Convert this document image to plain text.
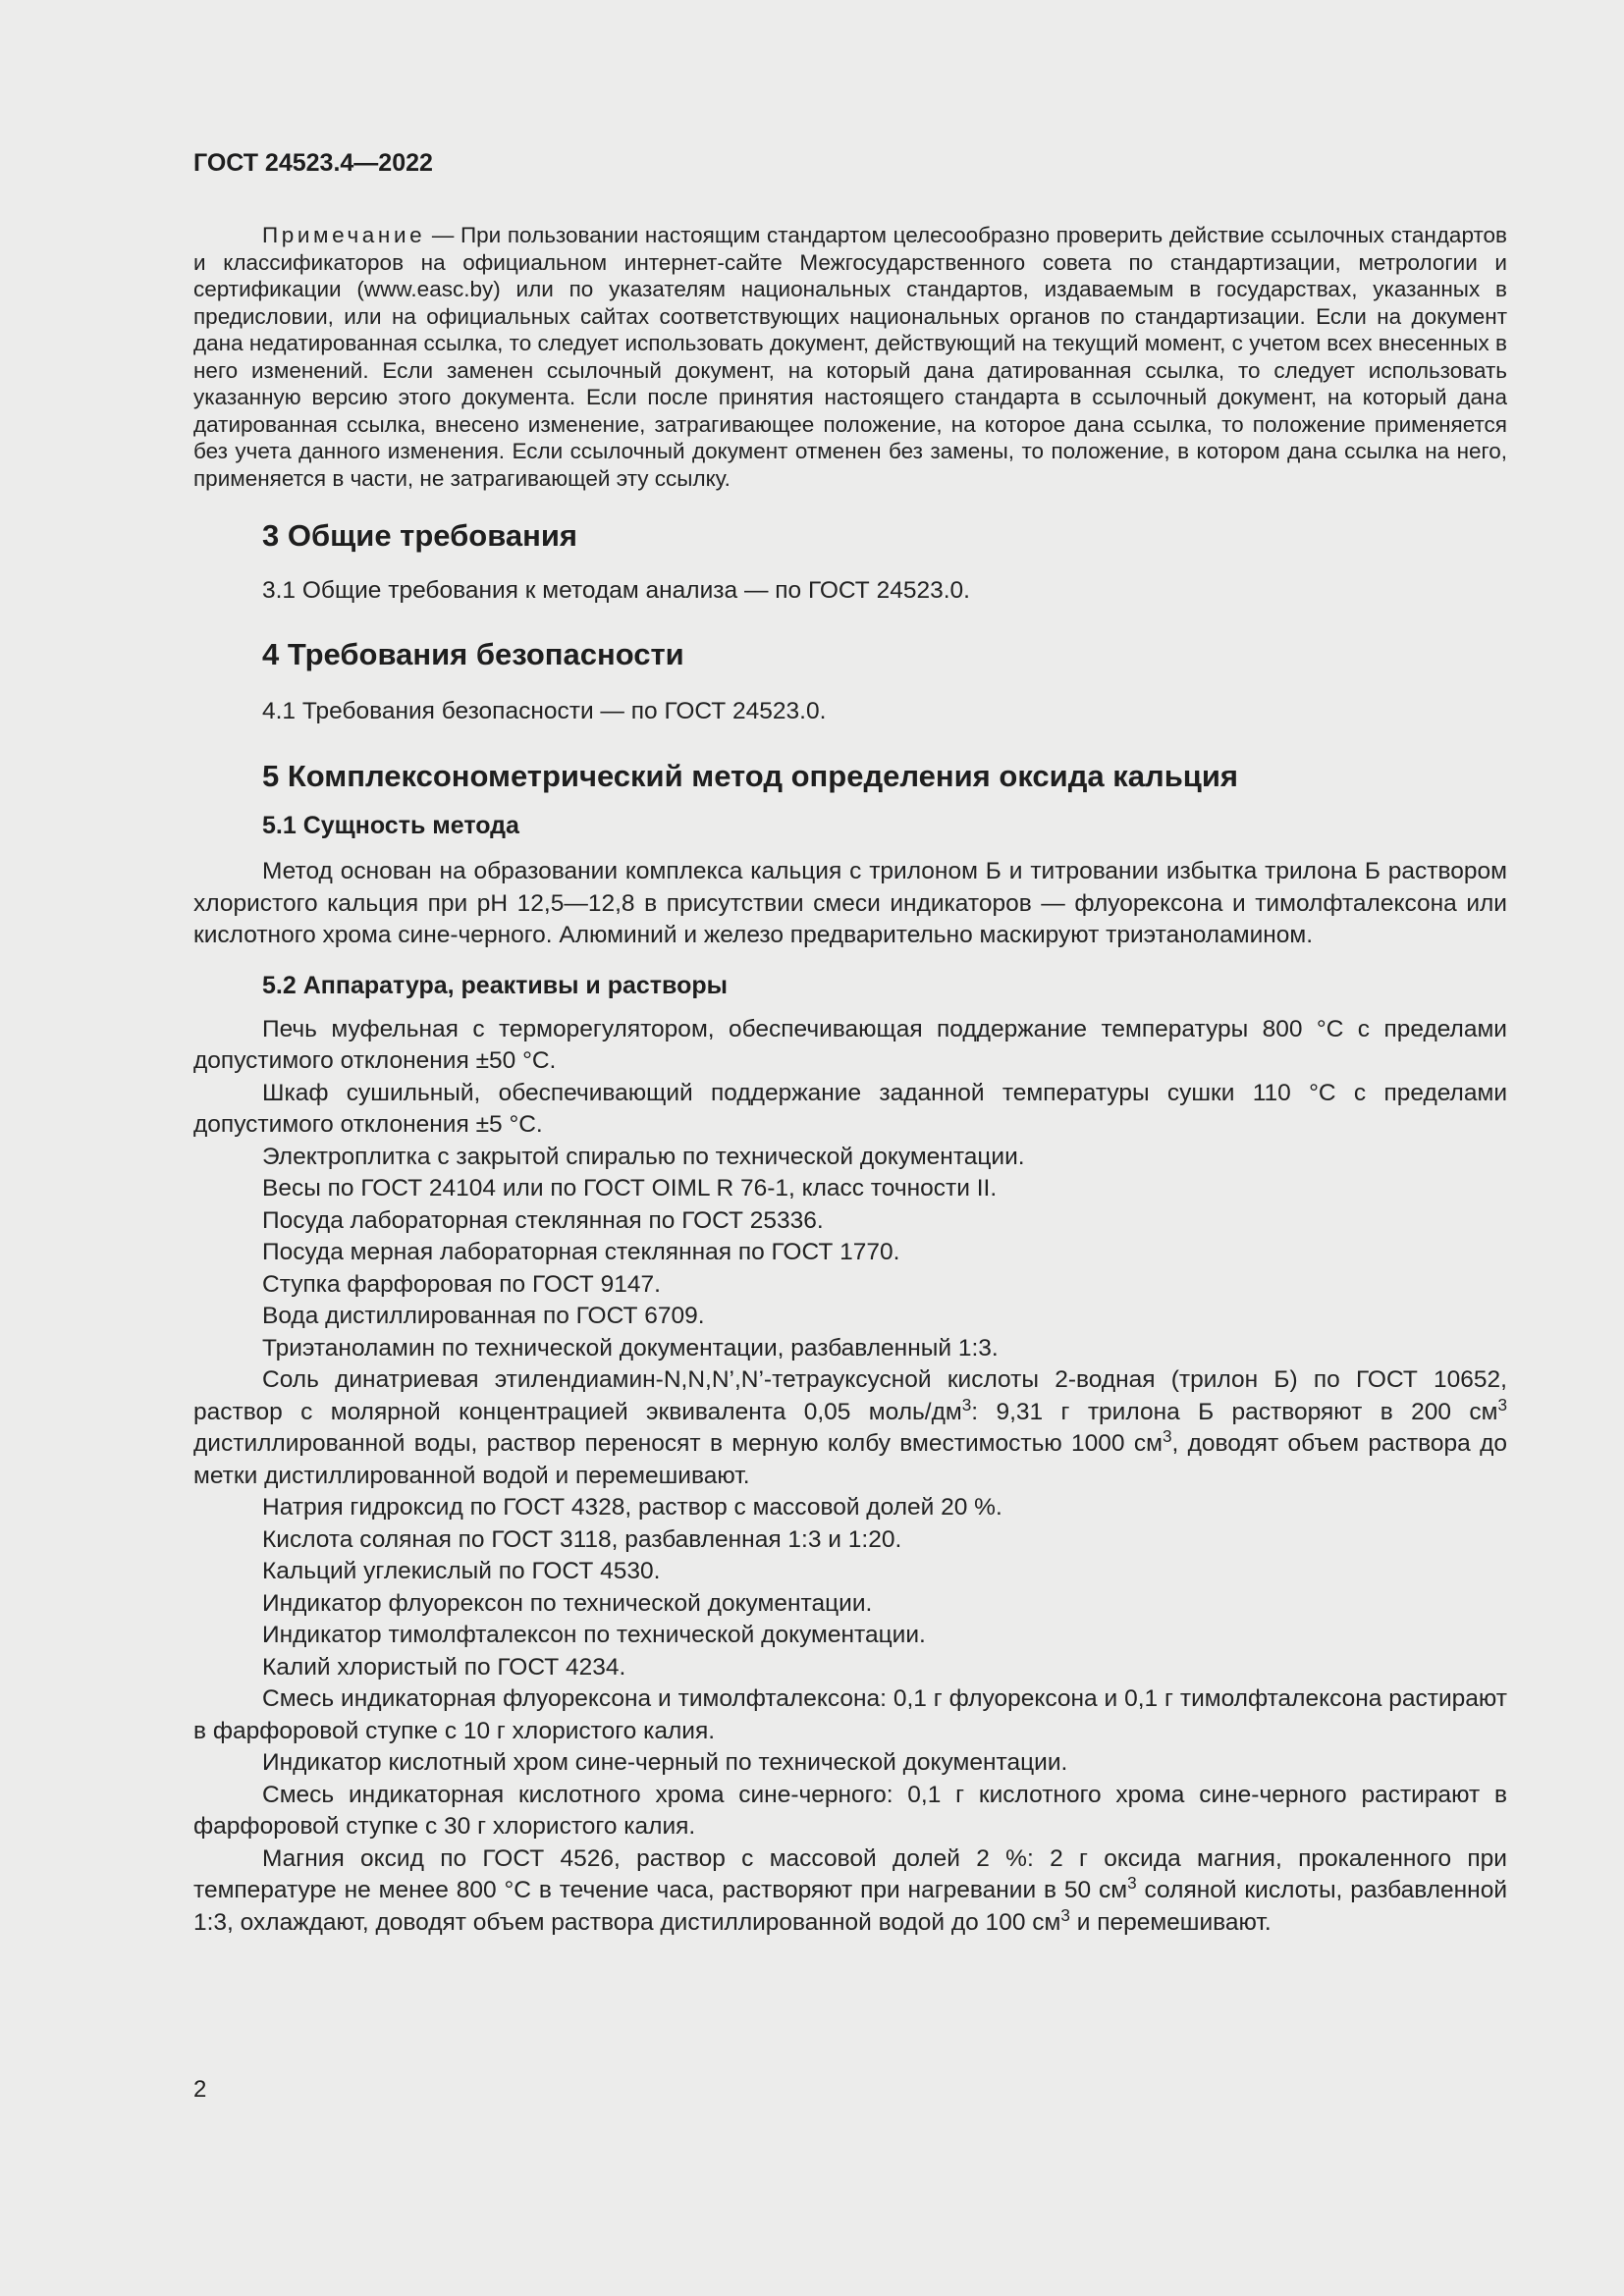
ГОСТ 24523.4—2022

Примечание — При пользовании настоящим стандартом целесообразно проверить действие ссылочных стандартов и классификаторов на официальном интернет-сайте Межгосударственного совета по стандартизации, метрологии и сертификации (www.easc.by) или по указателям национальных стандартов, издаваемым в государствах, указанных в предисловии, или на официальных сайтах соответствующих национальных органов по стандартизации. Если на документ дана недатированная ссылка, то следует использовать документ, действующий на текущий момент, с учетом всех внесенных в него изменений. Если заменен ссылочный документ, на который дана датированная ссылка, то следует использовать указанную версию этого документа. Если после принятия настоящего стандарта в ссылочный документ, на который дана датированная ссылка, внесено изменение, затрагивающее положение, на которое дана ссылка, то положение применяется без учета данного изменения. Если ссылочный документ отменен без замены, то положение, в котором дана ссылка на него, применяется в части, не затрагивающей эту ссылку.

3 Общие требования

3.1 Общие требования к методам анализа — по ГОСТ 24523.0.

4 Требования безопасности

4.1 Требования безопасности — по ГОСТ 24523.0.

5 Комплексонометрический метод определения оксида кальция
5.1 Сущность метода

Метод основан на образовании комплекса кальция с трилоном Б и титровании избытка трилона Б раствором хлористого кальция при pH 12,5—12,8 в присутствии смеси индикаторов — флуорексона и тимолфталексона или кислотного хрома сине-черного. Алюминий и железо предварительно маскируют триэтаноламином.

5.2 Аппаратура, реактивы и растворы

Печь муфельная с терморегулятором, обеспечивающая поддержание температуры 800 °С с пределами допустимого отклонения ±50 °С.

Шкаф сушильный, обеспечивающий поддержание заданной температуры сушки 110 °С с пределами допустимого отклонения ±5 °С.

Электроплитка с закрытой спиралью по технической документации.

Весы по ГОСТ 24104 или по ГОСТ OIML R 76-1, класс точности II.

Посуда лабораторная стеклянная по ГОСТ 25336.

Посуда мерная лабораторная стеклянная по ГОСТ 1770.

Ступка фарфоровая по ГОСТ 9147.

Вода дистиллированная по ГОСТ 6709.

Триэтаноламин по технической документации, разбавленный 1:3.

Соль динатриевая этилендиамин-N,N,N’,N’-тетрауксусной кислоты 2-водная (трилон Б) по ГОСТ 10652, раствор с молярной концентрацией эквивалента 0,05 моль/$дм^3$: 9,31 г трилона Б растворяют в 200 $см^3$ дистиллированной воды, раствор переносят в мерную колбу вместимостью 1000 $см^3$, доводят объем раствора до метки дистиллированной водой и перемешивают.

Натрия гидроксид по ГОСТ 4328, раствор с массовой долей 20 %.

Кислота соляная по ГОСТ 3118, разбавленная 1:3 и 1:20.

Кальций углекислый по ГОСТ 4530.

Индикатор флуорексон по технической документации.

Индикатор тимолфталексон по технической документации.

Калий хлористый по ГОСТ 4234.

Смесь индикаторная флуорексона и тимолфталексона: 0,1 г флуорексона и 0,1 г тимолфталексона растирают в фарфоровой ступке с 10 г хлористого калия.

Индикатор кислотный хром сине-черный по технической документации.

Смесь индикаторная кислотного хрома сине-черного: 0,1 г кислотного хрома сине-черного растирают в фарфоровой ступке с 30 г хлористого калия.

Магния оксид по ГОСТ 4526, раствор с массовой долей 2 %: 2 г оксида магния, прокаленного при температуре не менее 800 °С в течение часа, растворяют при нагревании в 50 $см^3$ соляной кислоты, разбавленной 1:3, охлаждают, доводят объем раствора дистиллированной водой до 100 $см^3$ и перемешивают.

2
